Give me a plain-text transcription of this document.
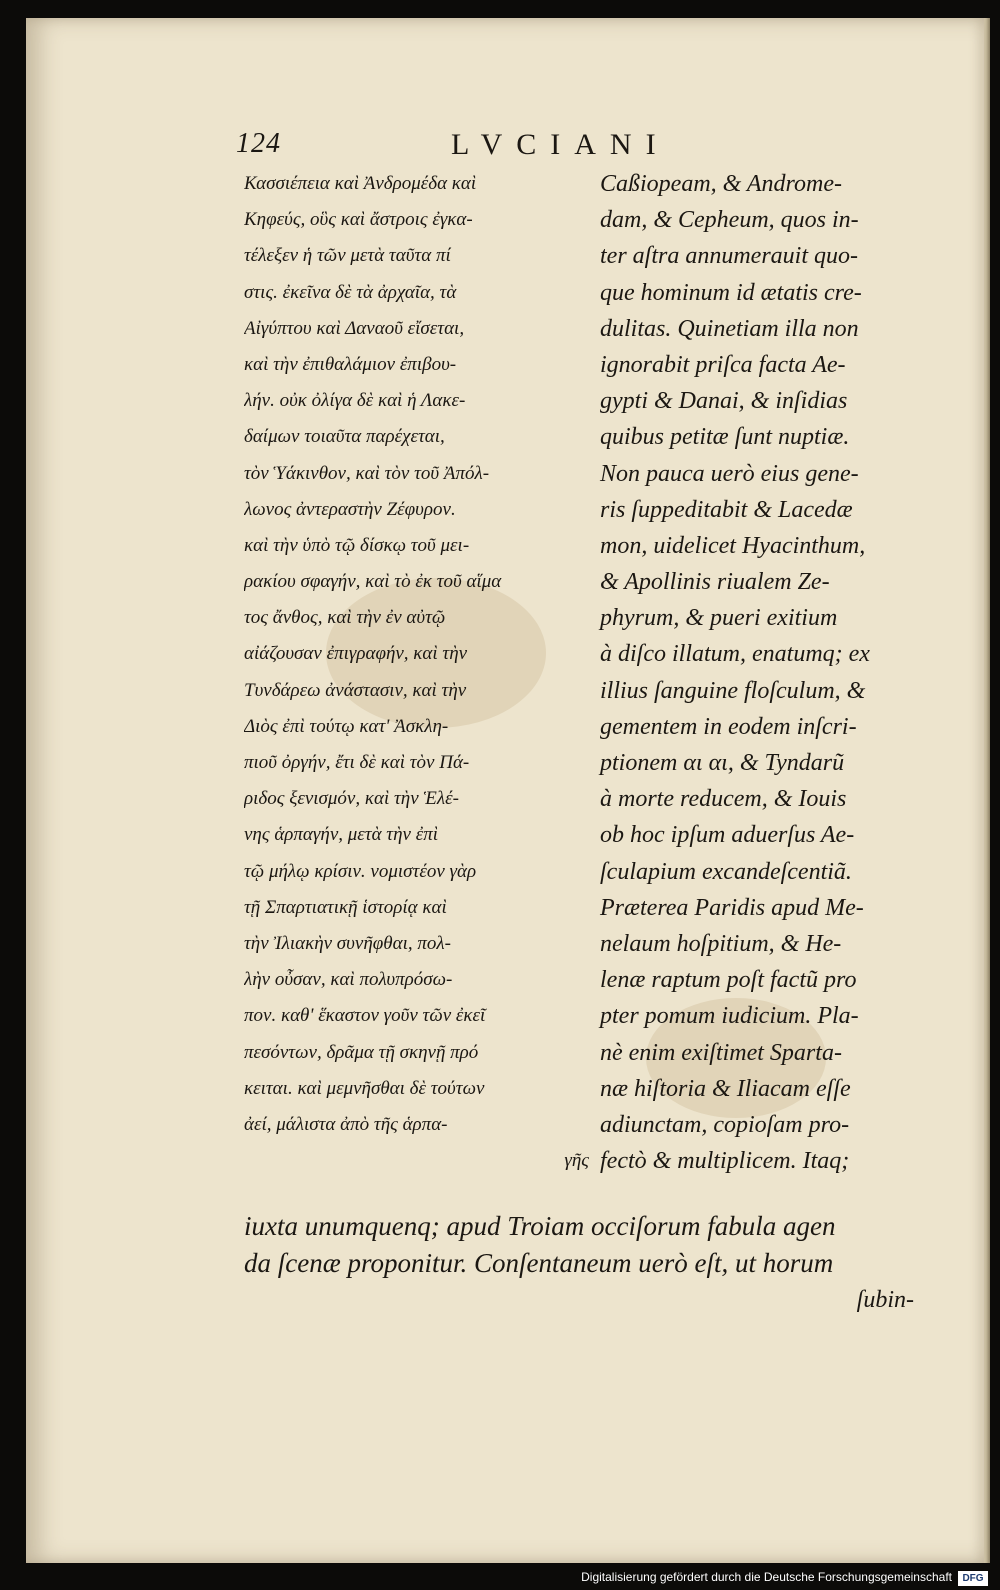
124	LVCIANI
Κασσιέπεια καὶ Ἀνδρομέδα καὶ
Κηφεύς, οὓς καὶ ἄστροις ἐγκα-
τέλεξεν ἡ τῶν μετὰ ταῦτα πί
στις. ἐκεῖνα δὲ τὰ ἀρχαῖα, τὰ
Αἰγύπτου καὶ Δαναοῦ εἴσεται,
καὶ τὴν ἐπιθαλάμιον ἐπιβου-
λήν. οὐκ ὀλίγα δὲ καὶ ἡ Λακε-
δαίμων τοιαῦτα παρέχεται,
τὸν Ὑάκινθον, καὶ τὸν τοῦ Ἀπόλ-
λωνος ἀντεραστὴν Ζέφυρον.
καὶ τὴν ὑπὸ τῷ δίσκῳ τοῦ μει-
ρακίου σφαγήν, καὶ τὸ ἐκ τοῦ αἵμα
τος ἄνθος, καὶ τὴν ἐν αὐτῷ
αἰάζουσαν ἐπιγραφήν, καὶ τὴν
Τυνδάρεω ἀνάστασιν, καὶ τὴν
Διὸς ἐπὶ τούτῳ κατ' Ἀσκλη-
πιοῦ ὀργήν, ἔτι δὲ καὶ τὸν Πά-
ριδος ξενισμόν, καὶ τὴν Ἑλέ-
νης ἁρπαγήν, μετὰ τὴν ἐπὶ
τῷ μήλῳ κρίσιν. νομιστέον γὰρ
τῇ Σπαρτιατικῇ ἱστορίᾳ καὶ
τὴν Ἰλιακὴν συνῆφθαι, πολ-
λὴν οὖσαν, καὶ πολυπρόσω-
πον. καθ' ἕκαστον γοῦν τῶν ἐκεῖ
πεσόντων, δρᾶμα τῇ σκηνῇ πρό
κειται. καὶ μεμνῆσθαι δὲ τούτων
ἀεί, μάλιστα ἀπὸ τῆς ἁρπα-
γῆς
Caßiopeam, & Androme-
dam, & Cepheum, quos in-
ter aſtra annumerauit quo-
que hominum id ætatis cre-
dulitas. Quinetiam illa non
ignorabit priſca facta Ae-
gypti & Danai, & inſidias
quibus petitæ ſunt nuptiæ.
Non pauca uerò eius gene-
ris ſuppeditabit & Lacedæ
mon, uidelicet Hyacinthum,
& Apollinis riualem Ze-
phyrum, & pueri exitium
à diſco illatum, enatumq; ex
illius ſanguine floſculum, &
gementem in eodem inſcri-
ptionem αι αι, & Tyndarũ
à morte reducem, & Iouis
ob hoc ipſum aduerſus Ae-
ſculapium excandeſcentiã.
Præterea Paridis apud Me-
nelaum hoſpitium, & He-
lenæ raptum poſt factũ pro
pter pomum iudicium. Pla-
nè enim exiſtimet Sparta-
næ hiſtoria & Iliacam eſſe
adiunctam, copioſam pro-
fectò & multiplicem. Itaq;
iuxta unumquenq; apud Troiam occiſorum fabula agen
da ſcenæ proponitur. Conſentaneum uerò eſt, ut horum
ſubin-
Digitalisierung gefördert durch die Deutsche Forschungsgemeinschaft	DFG
